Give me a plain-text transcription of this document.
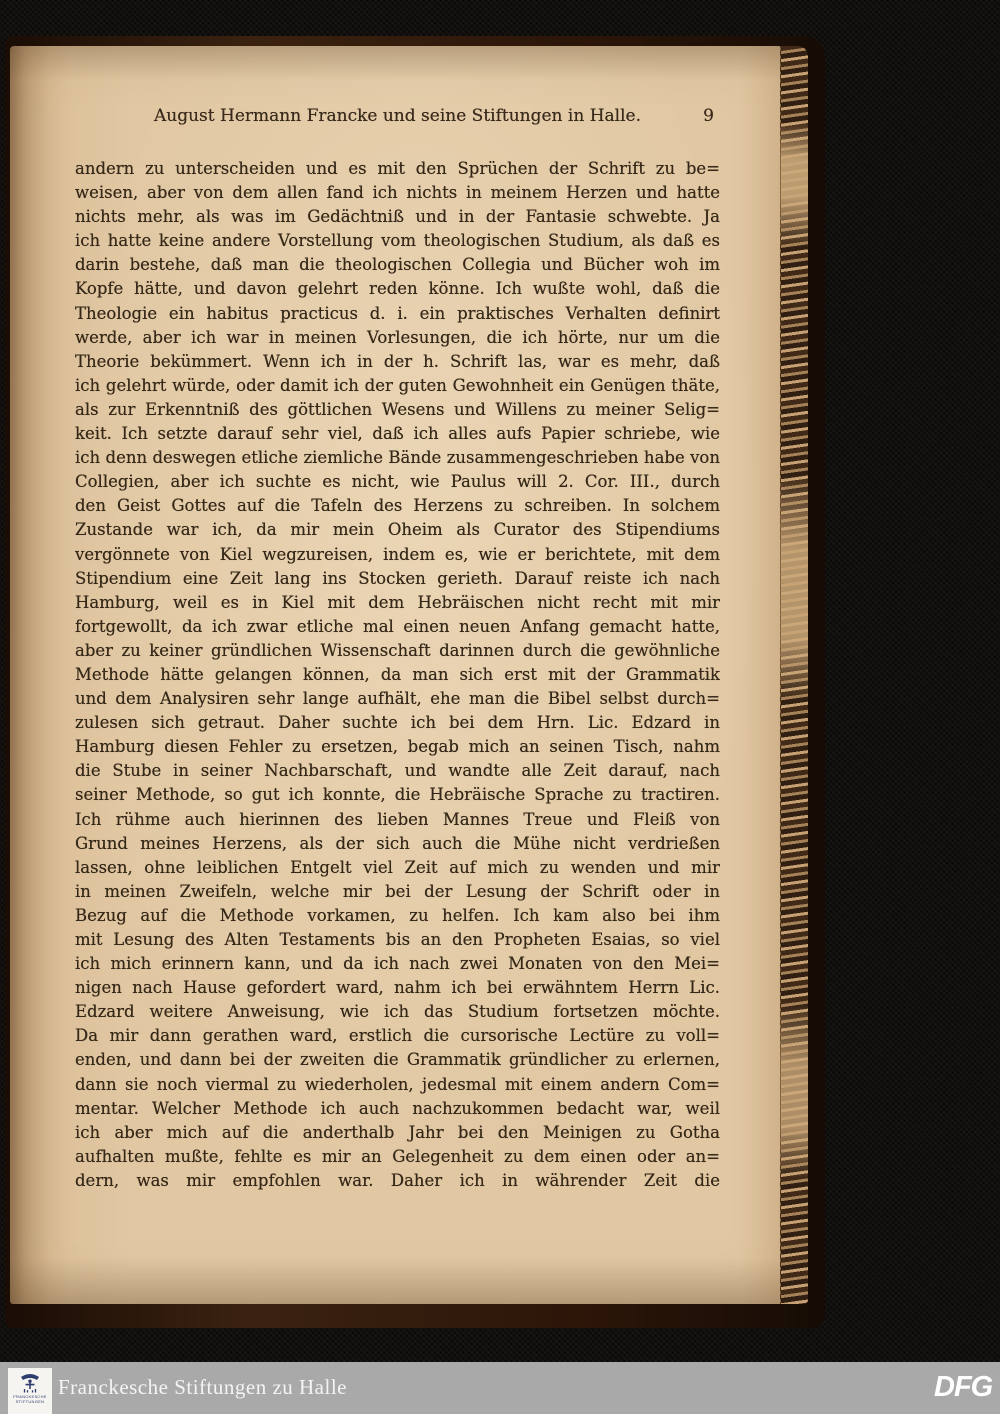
August Hermann Francke und seine Stiftungen in Halle.	9
andern zu unterscheiden und es mit den Sprüchen der Schrift zu be=
weisen, aber von dem allen fand ich nichts in meinem Herzen und hatte
nichts mehr, als was im Gedächtniß und in der Fantasie schwebte. Ja
ich hatte keine andere Vorstellung vom theologischen Studium, als daß es
darin bestehe, daß man die theologischen Collegia und Bücher woh im
Kopfe hätte, und davon gelehrt reden könne. Ich wußte wohl, daß die
Theologie ein habitus practicus d. i. ein praktisches Verhalten definirt
werde, aber ich war in meinen Vorlesungen, die ich hörte, nur um die
Theorie bekümmert. Wenn ich in der h. Schrift las, war es mehr, daß
ich gelehrt würde, oder damit ich der guten Gewohnheit ein Genügen thäte,
als zur Erkenntniß des göttlichen Wesens und Willens zu meiner Selig=
keit. Ich setzte darauf sehr viel, daß ich alles aufs Papier schriebe, wie
ich denn deswegen etliche ziemliche Bände zusammengeschrieben habe von
Collegien, aber ich suchte es nicht, wie Paulus will 2. Cor. III., durch
den Geist Gottes auf die Tafeln des Herzens zu schreiben. In solchem
Zustande war ich, da mir mein Oheim als Curator des Stipendiums
vergönnete von Kiel wegzureisen, indem es, wie er berichtete, mit dem
Stipendium eine Zeit lang ins Stocken gerieth. Darauf reiste ich nach
Hamburg, weil es in Kiel mit dem Hebräischen nicht recht mit mir
fortgewollt, da ich zwar etliche mal einen neuen Anfang gemacht hatte,
aber zu keiner gründlichen Wissenschaft darinnen durch die gewöhnliche
Methode hätte gelangen können, da man sich erst mit der Grammatik
und dem Analysiren sehr lange aufhält, ehe man die Bibel selbst durch=
zulesen sich getraut. Daher suchte ich bei dem Hrn. Lic. Edzard in
Hamburg diesen Fehler zu ersetzen, begab mich an seinen Tisch, nahm
die Stube in seiner Nachbarschaft, und wandte alle Zeit darauf, nach
seiner Methode, so gut ich konnte, die Hebräische Sprache zu tractiren.
Ich rühme auch hierinnen des lieben Mannes Treue und Fleiß von
Grund meines Herzens, als der sich auch die Mühe nicht verdrießen
lassen, ohne leiblichen Entgelt viel Zeit auf mich zu wenden und mir
in meinen Zweifeln, welche mir bei der Lesung der Schrift oder in
Bezug auf die Methode vorkamen, zu helfen. Ich kam also bei ihm
mit Lesung des Alten Testaments bis an den Propheten Esaias, so viel
ich mich erinnern kann, und da ich nach zwei Monaten von den Mei=
nigen nach Hause gefordert ward, nahm ich bei erwähntem Herrn Lic.
Edzard weitere Anweisung, wie ich das Studium fortsetzen möchte.
Da mir dann gerathen ward, erstlich die cursorische Lectüre zu voll=
enden, und dann bei der zweiten die Grammatik gründlicher zu erlernen,
dann sie noch viermal zu wiederholen, jedesmal mit einem andern Com=
mentar. Welcher Methode ich auch nachzukommen bedacht war, weil
ich aber mich auf die anderthalb Jahr bei den Meinigen zu Gotha
aufhalten mußte, fehlte es mir an Gelegenheit zu dem einen oder an=
dern, was mir empfohlen war. Daher ich in währender Zeit die
FRANCKESCHE
STIFTUNGEN
Franckesche Stiftungen zu Halle	DFG
